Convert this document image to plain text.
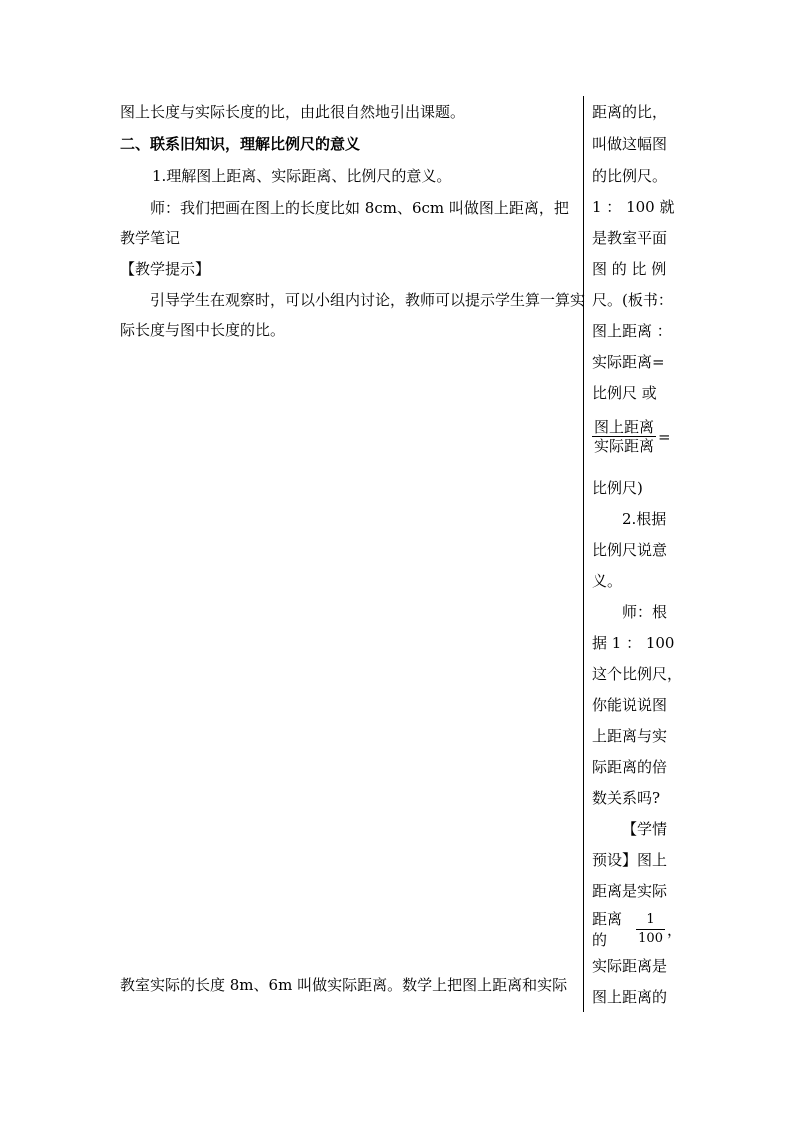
图上长度与实际长度的比，由此很自然地引出课题。
二、联系旧知识，理解比例尺的意义
1.理解图上距离、实际距离、比例尺的意义。
师：我们把画在图上的长度比如 8cm、6cm 叫做图上距离，把
教学笔记
【教学提示】
引导学生在观察时，可以小组内讨论，教师可以提示学生算一算实
际长度与图中长度的比。
教室实际的长度 8m、6m 叫做实际距离。数学上把图上距离和实际
距离的比，
叫做这幅图
的比例尺。
1 ： 100 就
是教室平面
图 的 比 例
尺。(板书：
图上距离 ：
实际距离=
比例尺 或
$\frac{\text{图上距离}}{\text{实际距离}}$ =
比例尺)
2.根据
比例尺说意
义。
师：根
据 1 ： 100
这个比例尺，
你能说说图
上距离与实
际距离的倍
数关系吗?
【学情
预设】图上
距离是实际
距离的	$\frac{1}{100}$ ，
实际距离是
图上距离的
